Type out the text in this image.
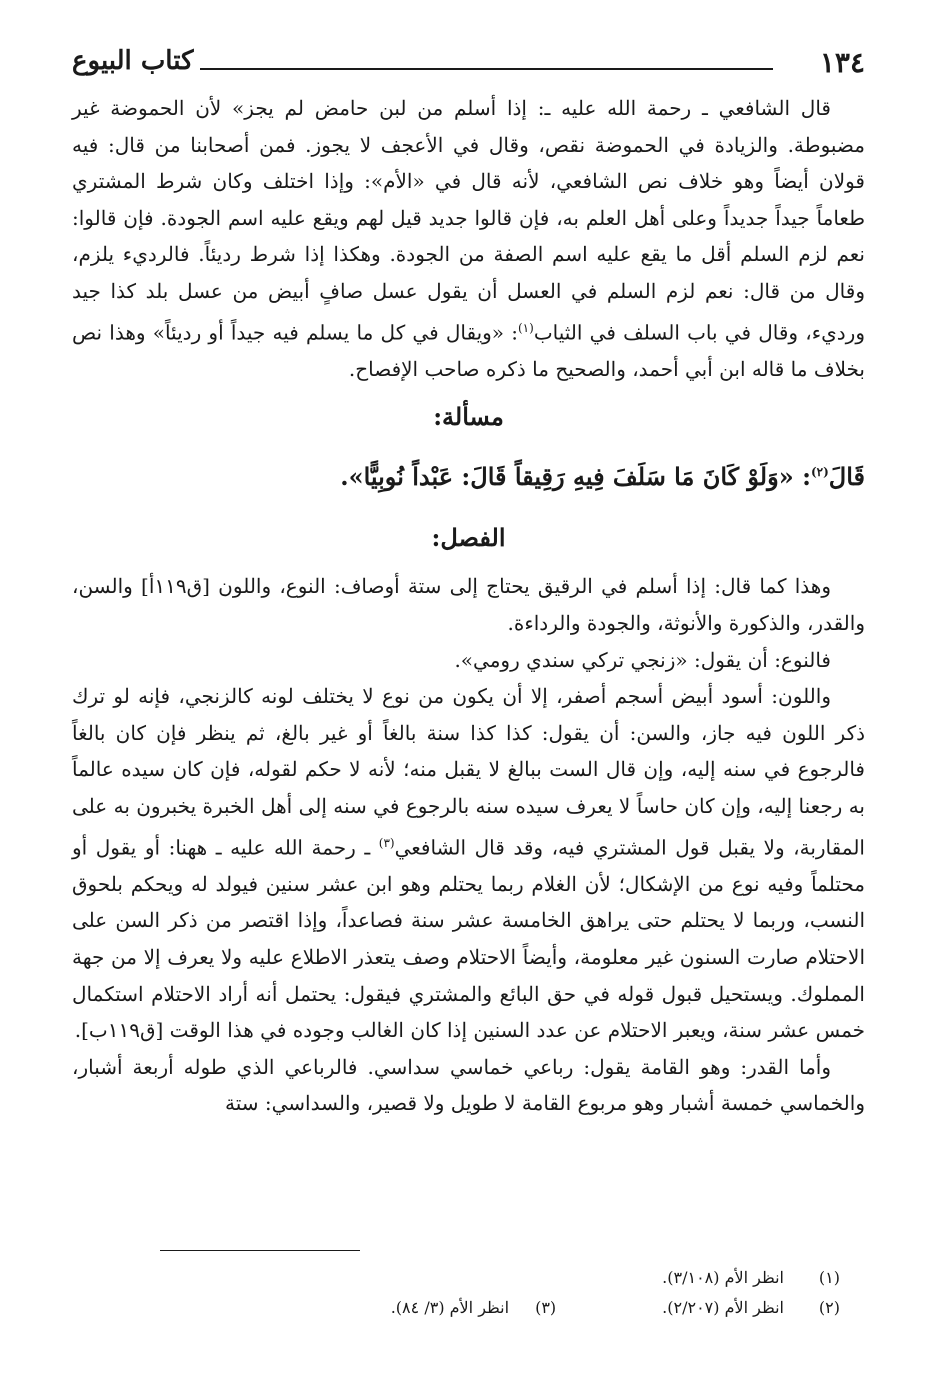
١٣٤
كتاب البيوع

قال الشافعي ـ رحمة الله عليه ـ: إذا أسلم من لبن حامض لم يجز» لأن الحموضة غير مضبوطة. والزيادة في الحموضة نقص، وقال في الأعجف لا يجوز. فمن أصحابنا من قال: فيه قولان أيضاً وهو خلاف نص الشافعي، لأنه قال في «الأم»: وإذا اختلف وكان شرط المشتري طعاماً جيداً جديداً وعلى أهل العلم به، فإن قالوا جديد قيل لهم ويقع عليه اسم الجودة. فإن قالوا: نعم لزم السلم أقل ما يقع عليه اسم الصفة من الجودة. وهكذا إذا شرط رديئاً. فالرديء يلزم، وقال من قال: نعم لزم السلم في العسل أن يقول عسل صافٍ أبيض من عسل بلد كذا جيد ورديء، وقال في باب السلف في الثياب$^{(١)}$: «ويقال في كل ما يسلم فيه جيداً أو رديئاً» وهذا نص بخلاف ما قاله ابن أبي أحمد، والصحيح ما ذكره صاحب الإفصاح.

مسألة:

قَالَ$^{(٢)}$: «وَلَوْ كَانَ مَا سَلَفَ فِيهِ رَقِيقاً قَالَ: عَبْداً نُوبِيًّا».

الفصل:

وهذا كما قال: إذا أسلم في الرقيق يحتاج إلى ستة أوصاف: النوع، واللون [ق١١٩أ] والسن، والقدر، والذكورة والأنوثة، والجودة والرداءة.

فالنوع: أن يقول: «زنجي تركي سندي رومي».

واللون: أسود أبيض أسجم أصفر، إلا أن يكون من نوع لا يختلف لونه كالزنجي، فإنه لو ترك ذكر اللون فيه جاز، والسن: أن يقول: كذا كذا سنة بالغاً أو غير بالغ، ثم ينظر فإن كان بالغاً فالرجوع في سنه إليه، وإن قال الست ببالغ لا يقبل منه؛ لأنه لا حكم لقوله، فإن كان سيده عالماً به رجعنا إليه، وإن كان حاساً لا يعرف سيده سنه بالرجوع في سنه إلى أهل الخبرة يخبرون به على المقاربة، ولا يقبل قول المشتري فيه، وقد قال الشافعي$^{(٣)}$ ـ رحمة الله عليه ـ ههنا: أو يقول أو محتلماً وفيه نوع من الإشكال؛ لأن الغلام ربما يحتلم وهو ابن عشر سنين فيولد له ويحكم بلحوق النسب، وربما لا يحتلم حتى يراهق الخامسة عشر سنة فصاعداً، وإذا اقتصر من ذكر السن على الاحتلام صارت السنون غير معلومة، وأيضاً الاحتلام وصف يتعذر الاطلاع عليه ولا يعرف إلا من جهة المملوك. ويستحيل قبول قوله في حق البائع والمشتري فيقول: يحتمل أنه أراد الاحتلام استكمال خمس عشر سنة، ويعبر الاحتلام عن عدد السنين إذا كان الغالب وجوده في هذا الوقت [ق١١٩ب].

وأما القدر: وهو القامة يقول: رباعي خماسي سداسي. فالرباعي الذي طوله أربعة أشبار، والخماسي خمسة أشبار وهو مربوع القامة لا طويل ولا قصير، والسداسي: ستة

(١)
انظر الأم (٣/١٠٨).
(٢)
انظر الأم (٢/٢٠٧).
(٣)
انظر الأم (٣/ ٨٤).
